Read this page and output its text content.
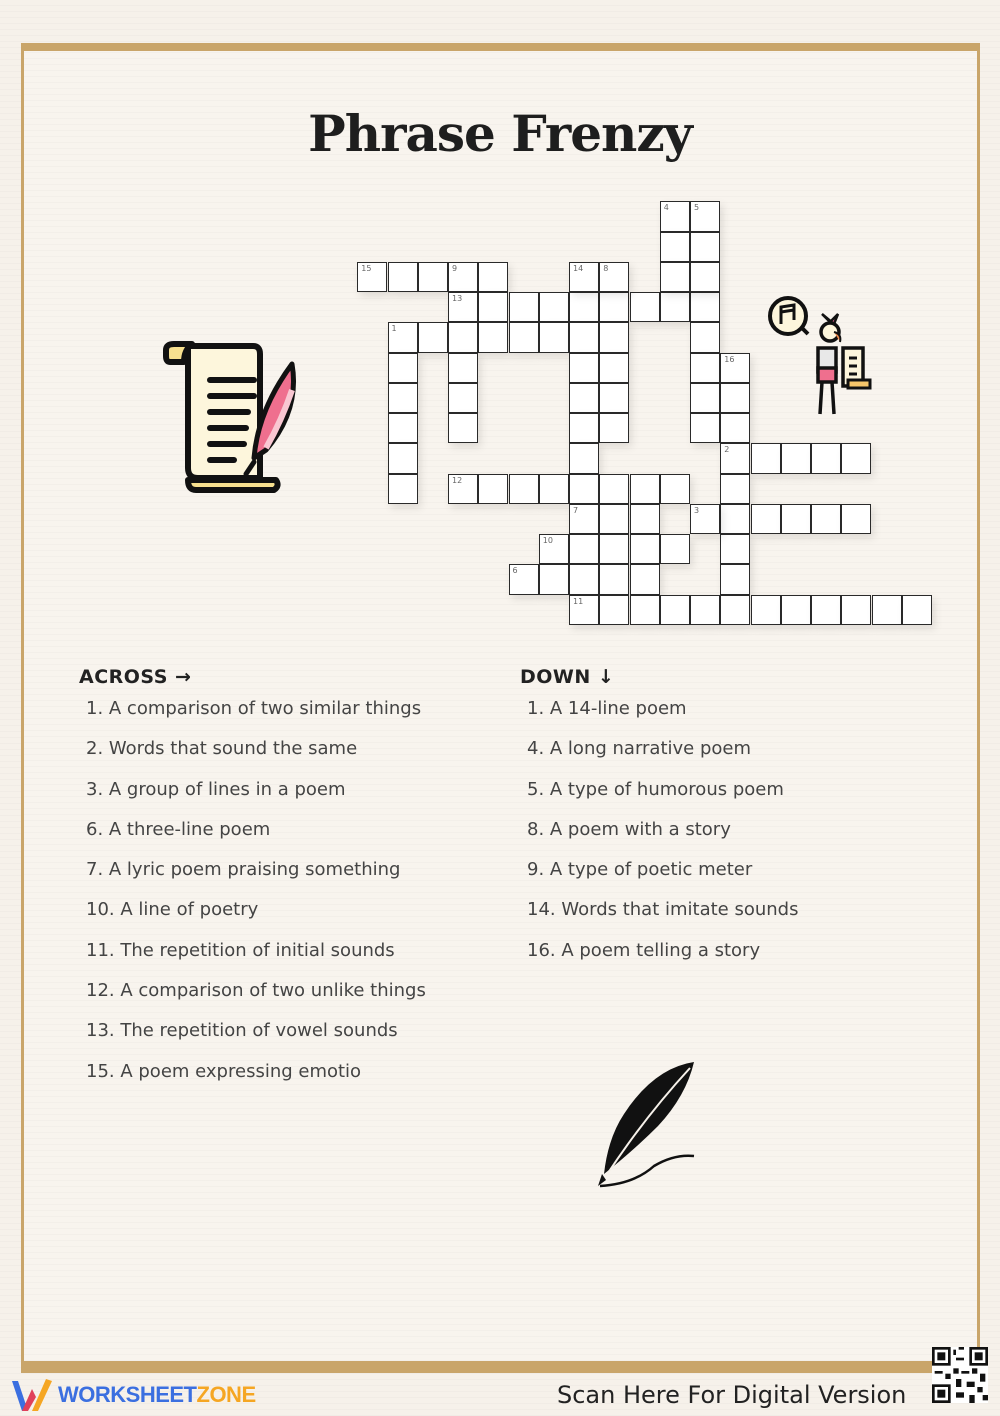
Phrase Frenzy
15	9
13
1
4	5
14	8
16
2
12
7	3
10
6
11
ACROSS →
1. A comparison of two similar things
2. Words that sound the same
3. A group of lines in a poem
6. A three-line poem
7. A lyric poem praising something
10. A line of poetry
11. The repetition of initial sounds
12. A comparison of two unlike things
13. The repetition of vowel sounds
15. A poem expressing emotio
DOWN ↓
1. A 14-line poem
4. A long narrative poem
5. A type of humorous poem
8. A poem with a story
9. A type of poetic meter
14. Words that imitate sounds
16. A poem telling a story
WORKSHEETZONE	Scan Here For Digital Version
